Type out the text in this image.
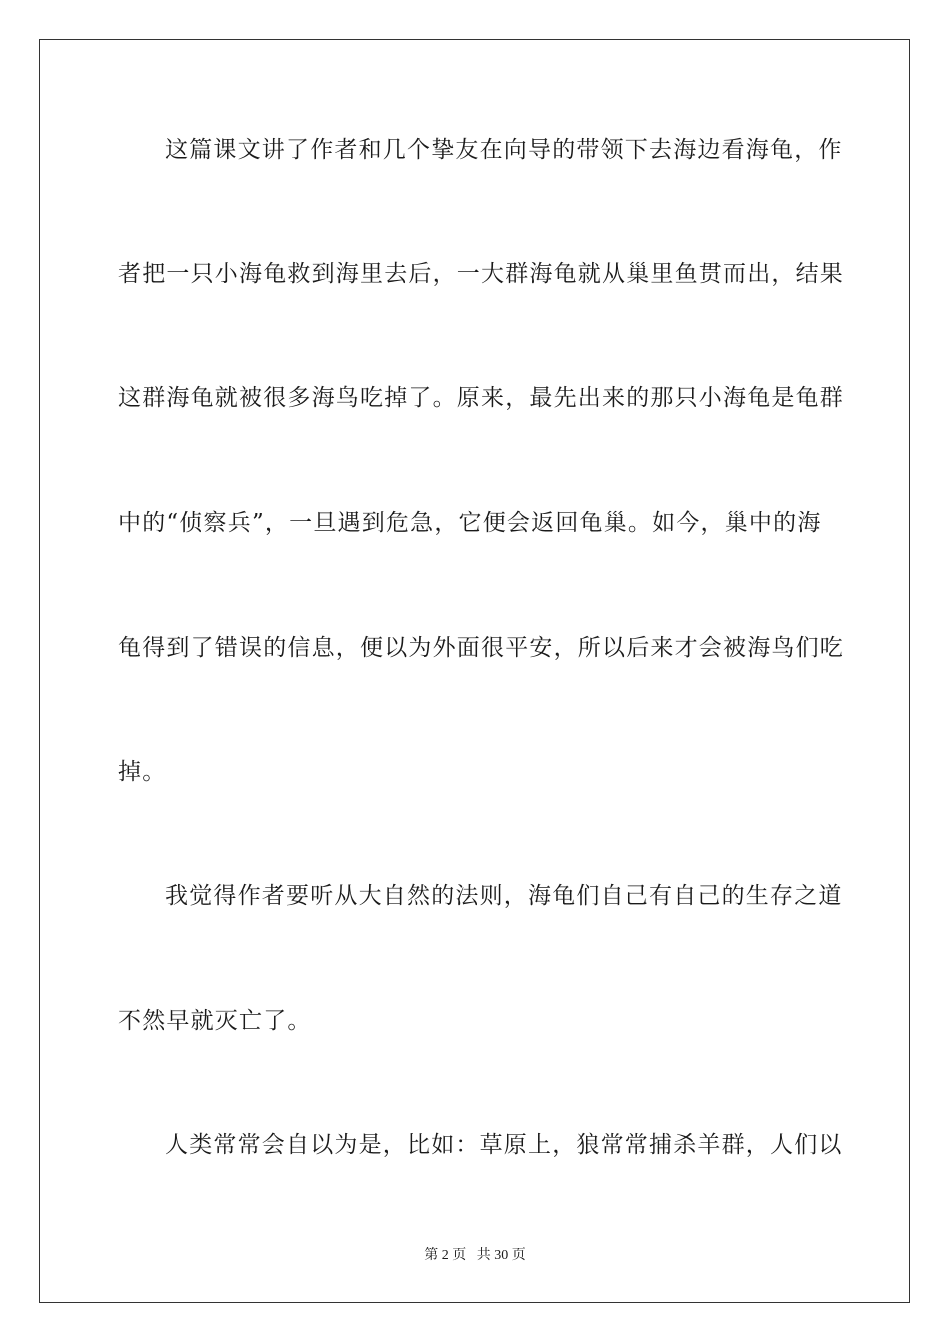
这篇课文讲了作者和几个挚友在向导的带领下去海边看海龟，作
者把一只小海龟救到海里去后，一大群海龟就从巢里鱼贯而出，结果
这群海龟就被很多海鸟吃掉了。原来，最先出来的那只小海龟是龟群
中的“侦察兵”，一旦遇到危急，它便会返回龟巢。如今，巢中的海
龟得到了错误的信息，便以为外面很平安，所以后来才会被海鸟们吃
掉。
我觉得作者要听从大自然的法则，海龟们自己有自己的生存之道
不然早就灭亡了。
人类常常会自以为是，比如：草原上，狼常常捕杀羊群，人们以
第 2 页   共 30 页
